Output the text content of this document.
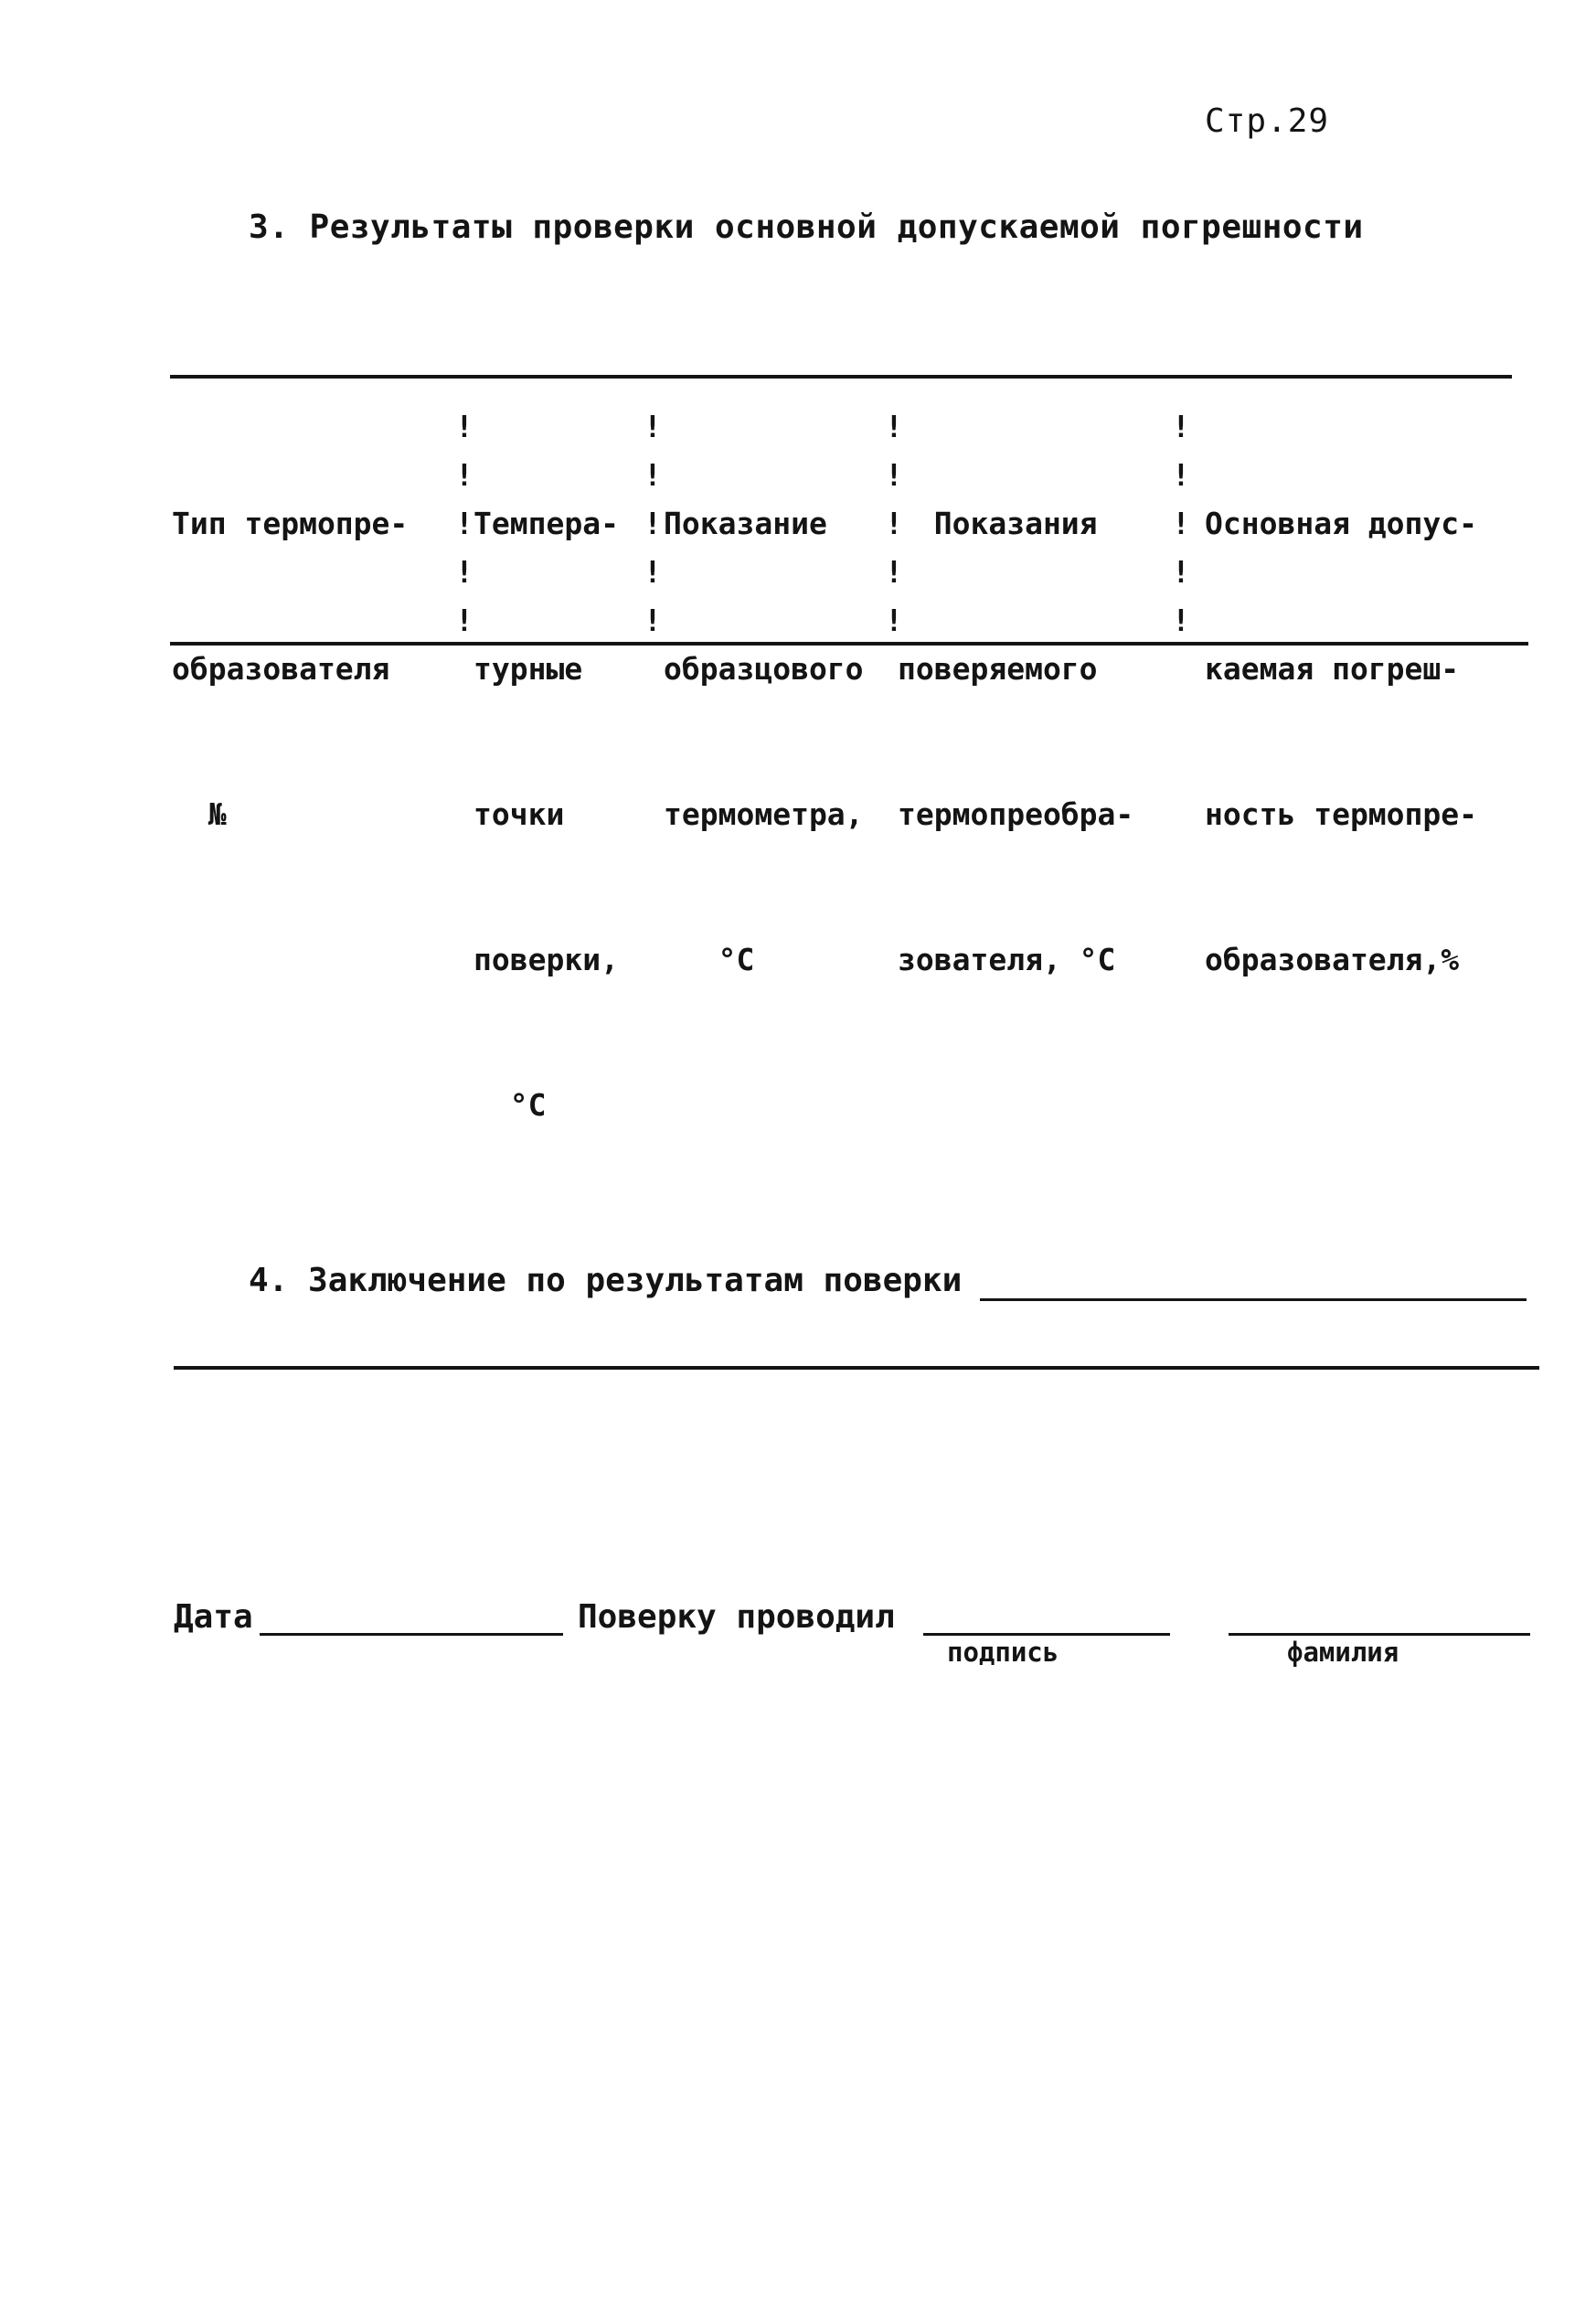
Стр.29
3. Результаты проверки основной допускаемой погрешности

Тип термопре-

образователя

№

Темпера-

турные

точки

поверки,

°С

Показание

образцового

термометра,

°С

Показания

поверяемого

термопреобра-

зователя, °С

Основная допус-

каемая погреш-

ность термопре-

образователя,%

!
!
!
!
!
!
!
!
!
!
!
!
!
!
!
!
!
!
!
!
4. Заключение по результатам поверки
Дата	Поверку проводил
подпись	фамилия
